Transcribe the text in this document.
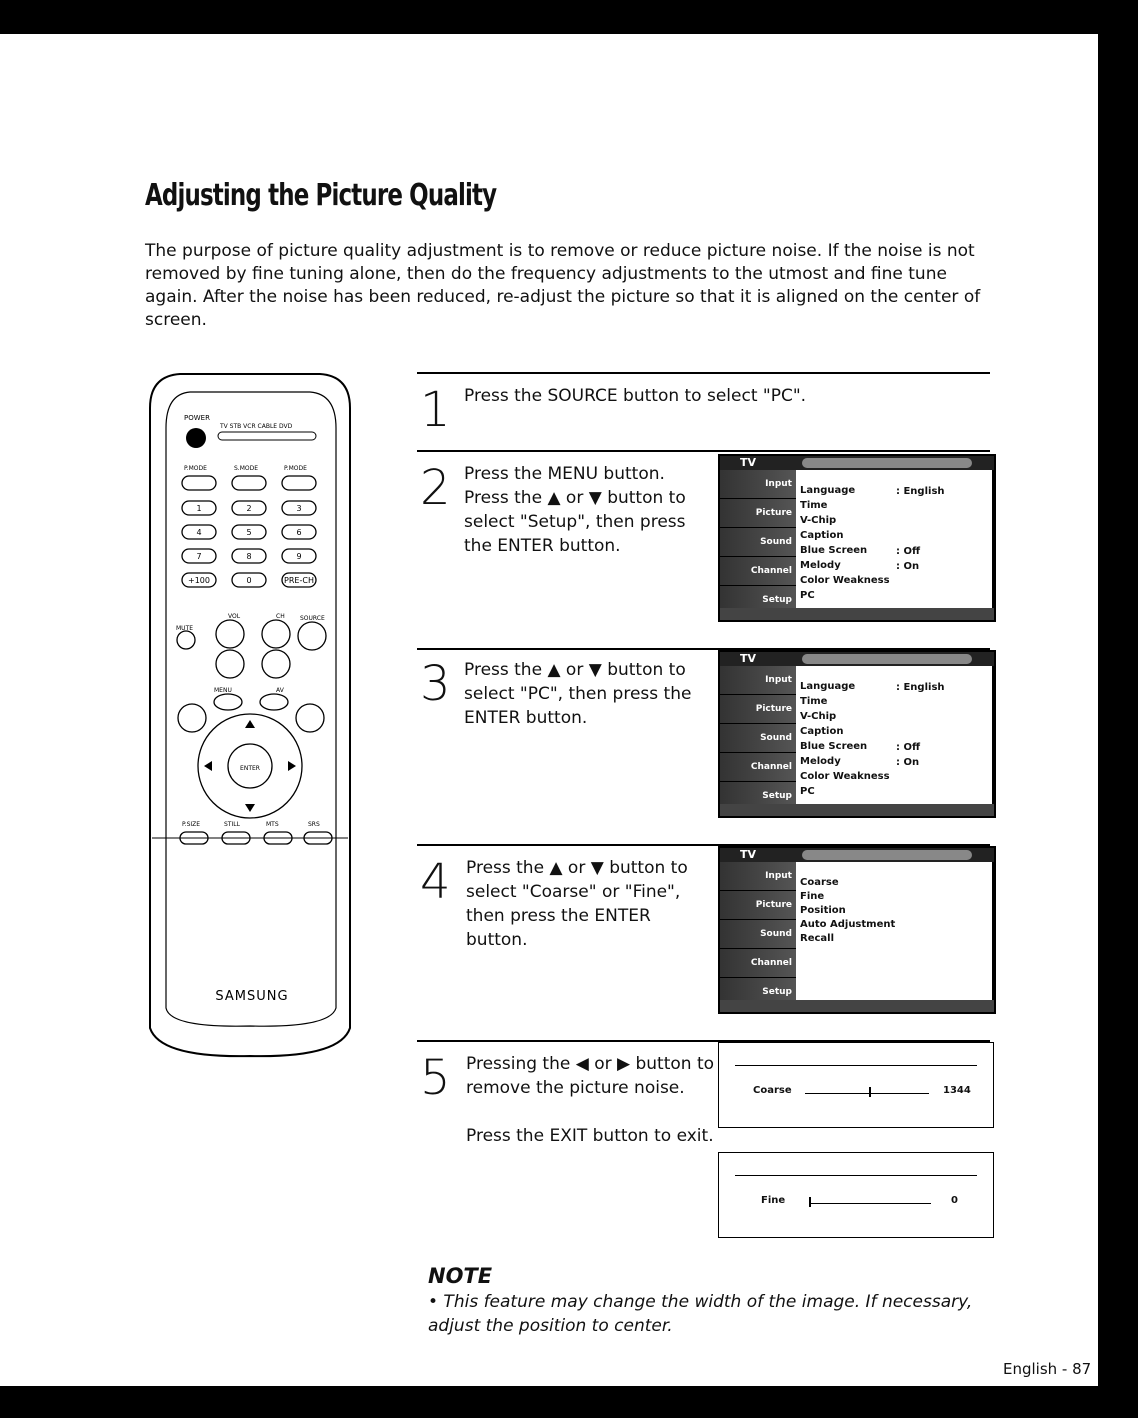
Adjusting the Picture Quality
The purpose of picture quality adjustment is to remove or reduce picture noise. If the noise is not removed by fine tuning alone, then do the frequency adjustments to the utmost and fine tune again. After the noise has been reduced, re-adjust the picture so that it is aligned on the center of screen.
POWER
TV STB VCR CABLE DVD
P.MODE	S.MODE	P.MODE
1	2	3
4	5	6
7	8	9
+100	0	PRE-CH
VOL	CH
MUTE
SOURCE
MENU	AV
ENTER
P.SIZE	STILL	MTS	SRS
SAMSUNG
1 Press the SOURCE button to select "PC".
2 Press the MENU button. Press the ▲ or ▼ button to select "Setup", then press the ENTER button.
TV
Input
Picture
Sound
Channel
Setup
Language	: English
Time
V-Chip
Caption
Blue Screen	: Off
Melody	: On
Color Weakness
PC
3 Press the ▲ or ▼ button to select "PC", then press the ENTER button.
TV
Input
Picture
Sound
Channel
Setup
Language	: English
Time
V-Chip
Caption
Blue Screen	: Off
Melody	: On
Color Weakness
PC
4 Press the ▲ or ▼ button to select "Coarse" or "Fine", then press the ENTER button.
TV
Input
Picture
Sound
Channel
Setup
Coarse
Fine
Position
Auto Adjustment
Recall
5 Pressing the ◀ or ▶ button to remove the picture noise.
Press the EXIT button to exit.
Coarse	1344
Fine	0
NOTE
• This feature may change the width of the image. If necessary, adjust the position to center.
English - 87
